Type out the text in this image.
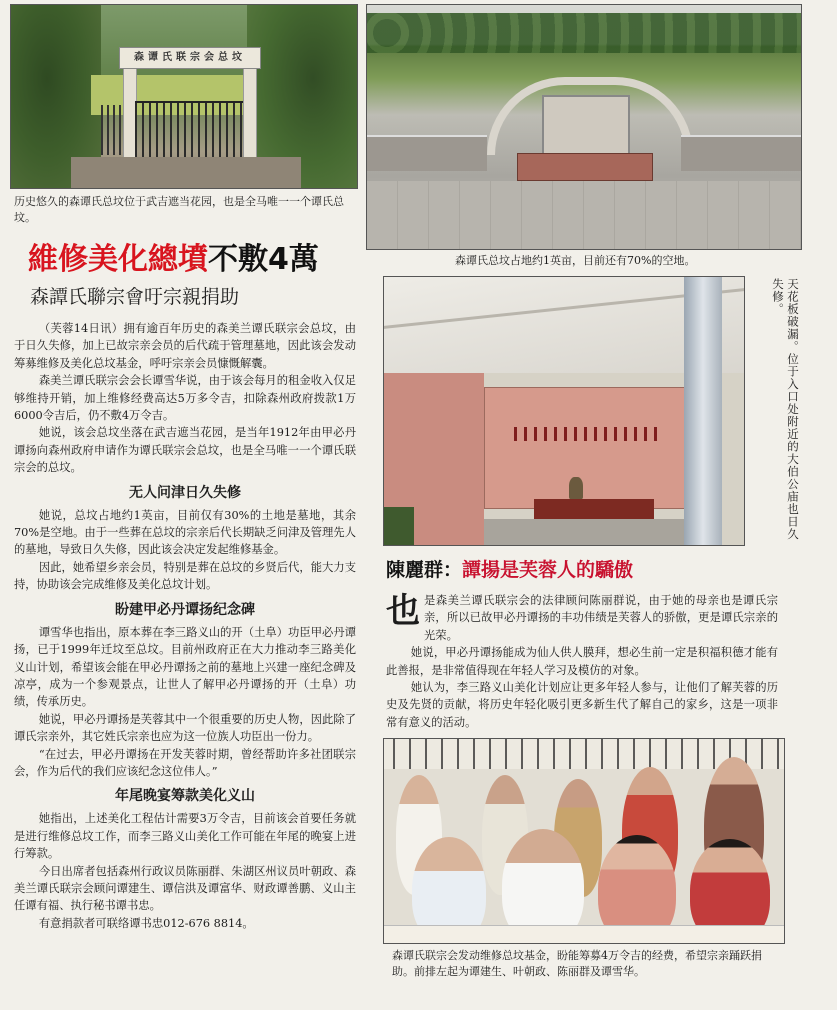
森谭氏联宗会总坟
历史悠久的森谭氏总坟位于武吉遮当花园，也是全马唯一一个谭氏总坟。
森谭氏总坟占地约1英亩，目前还有70%的空地。
維修美化總墳不敷4萬
森譚氏聯宗會吁宗親捐助

（芙蓉14日讯）拥有逾百年历史的森美兰谭氏联宗会总坟，由于日久失修，加上已故宗亲会员的后代疏于管理墓地，因此该会发动筹募维修及美化总坟基金，呼吁宗亲会员慷慨解囊。

森美兰谭氏联宗会会长谭雪华说，由于该会每月的租金收入仅足够维持开销，加上维修经费高达5万多令吉，扣除森州政府拨款1万6000令吉后，仍不敷4万令吉。

她说，该会总坟坐落在武吉遮当花园，是当年1912年由甲必丹谭扬向森州政府申请作为谭氏联宗会总坟，也是全马唯一一个谭氏联宗会的总坟。

无人问津日久失修

她说，总坟占地约1英亩，目前仅有30%的土地是墓地，其余70%是空地。由于一些葬在总坟的宗亲后代长期缺乏问津及管理先人的墓地，导致日久失修，因此该会决定发起维修基金。

因此，她希望乡亲会员，特别是葬在总坟的乡贤后代，能大力支持，协助该会完成维修及美化总坟计划。

盼建甲必丹谭扬纪念碑

谭雪华也指出，原本葬在李三路义山的开（土阜）功臣甲必丹谭扬，已于1999年迁坟至总坟。目前州政府正在大力推动李三路美化义山计划，希望该会能在甲必丹谭扬之前的墓地上兴建一座纪念碑及凉亭，成为一个参观景点，让世人了解甲必丹谭扬的开（土阜）功绩，传承历史。

她说，甲必丹谭扬是芙蓉其中一个很重要的历史人物，因此除了谭氏宗亲外，其它姓氏宗亲也应为这一位族人功臣出一份力。

“在过去，甲必丹谭扬在开发芙蓉时期，曾经帮助许多社团联宗会，作为后代的我们应该纪念这位伟人。”

年尾晚宴筹款美化义山

她指出，上述美化工程估计需要3万令吉，目前该会首要任务就是进行维修总坟工作，而李三路义山美化工作可能在年尾的晚宴上进行筹款。

今日出席者包括森州行政议员陈丽群、朱湖区州议员叶朝政、森美兰谭氏联宗会顾问谭建生、谭信洪及谭富华、财政谭善鹏、义山主任谭有福、执行秘书谭书忠。

有意捐款者可联络谭书忠012-676 8814。

天花板破漏。位于入口处附近的大伯公庙也日久失修。
陳麗群：譚揚是芙蓉人的驕傲
也 是森美兰谭氏联宗会的法律顾问陈丽群说，由于她的母亲也是谭氏宗亲，所以已故甲必丹谭扬的丰功伟绩是芙蓉人的骄傲，更是谭氏宗亲的光荣。

她说，甲必丹谭扬能成为仙人供人膜拜，想必生前一定是积福积德才能有此善报，是非常值得现在年轻人学习及模仿的对象。

她认为，李三路义山美化计划应让更多年轻人参与，让他们了解芙蓉的历史及先贤的贡献，将历史年轻化吸引更多新生代了解自己的家乡，这是一项非常有意义的活动。

森谭氏联宗会发动维修总坟基金，盼能筹募4万令吉的经费，希望宗亲踊跃捐助。前排左起为谭建生、叶朝政、陈丽群及谭雪华。
